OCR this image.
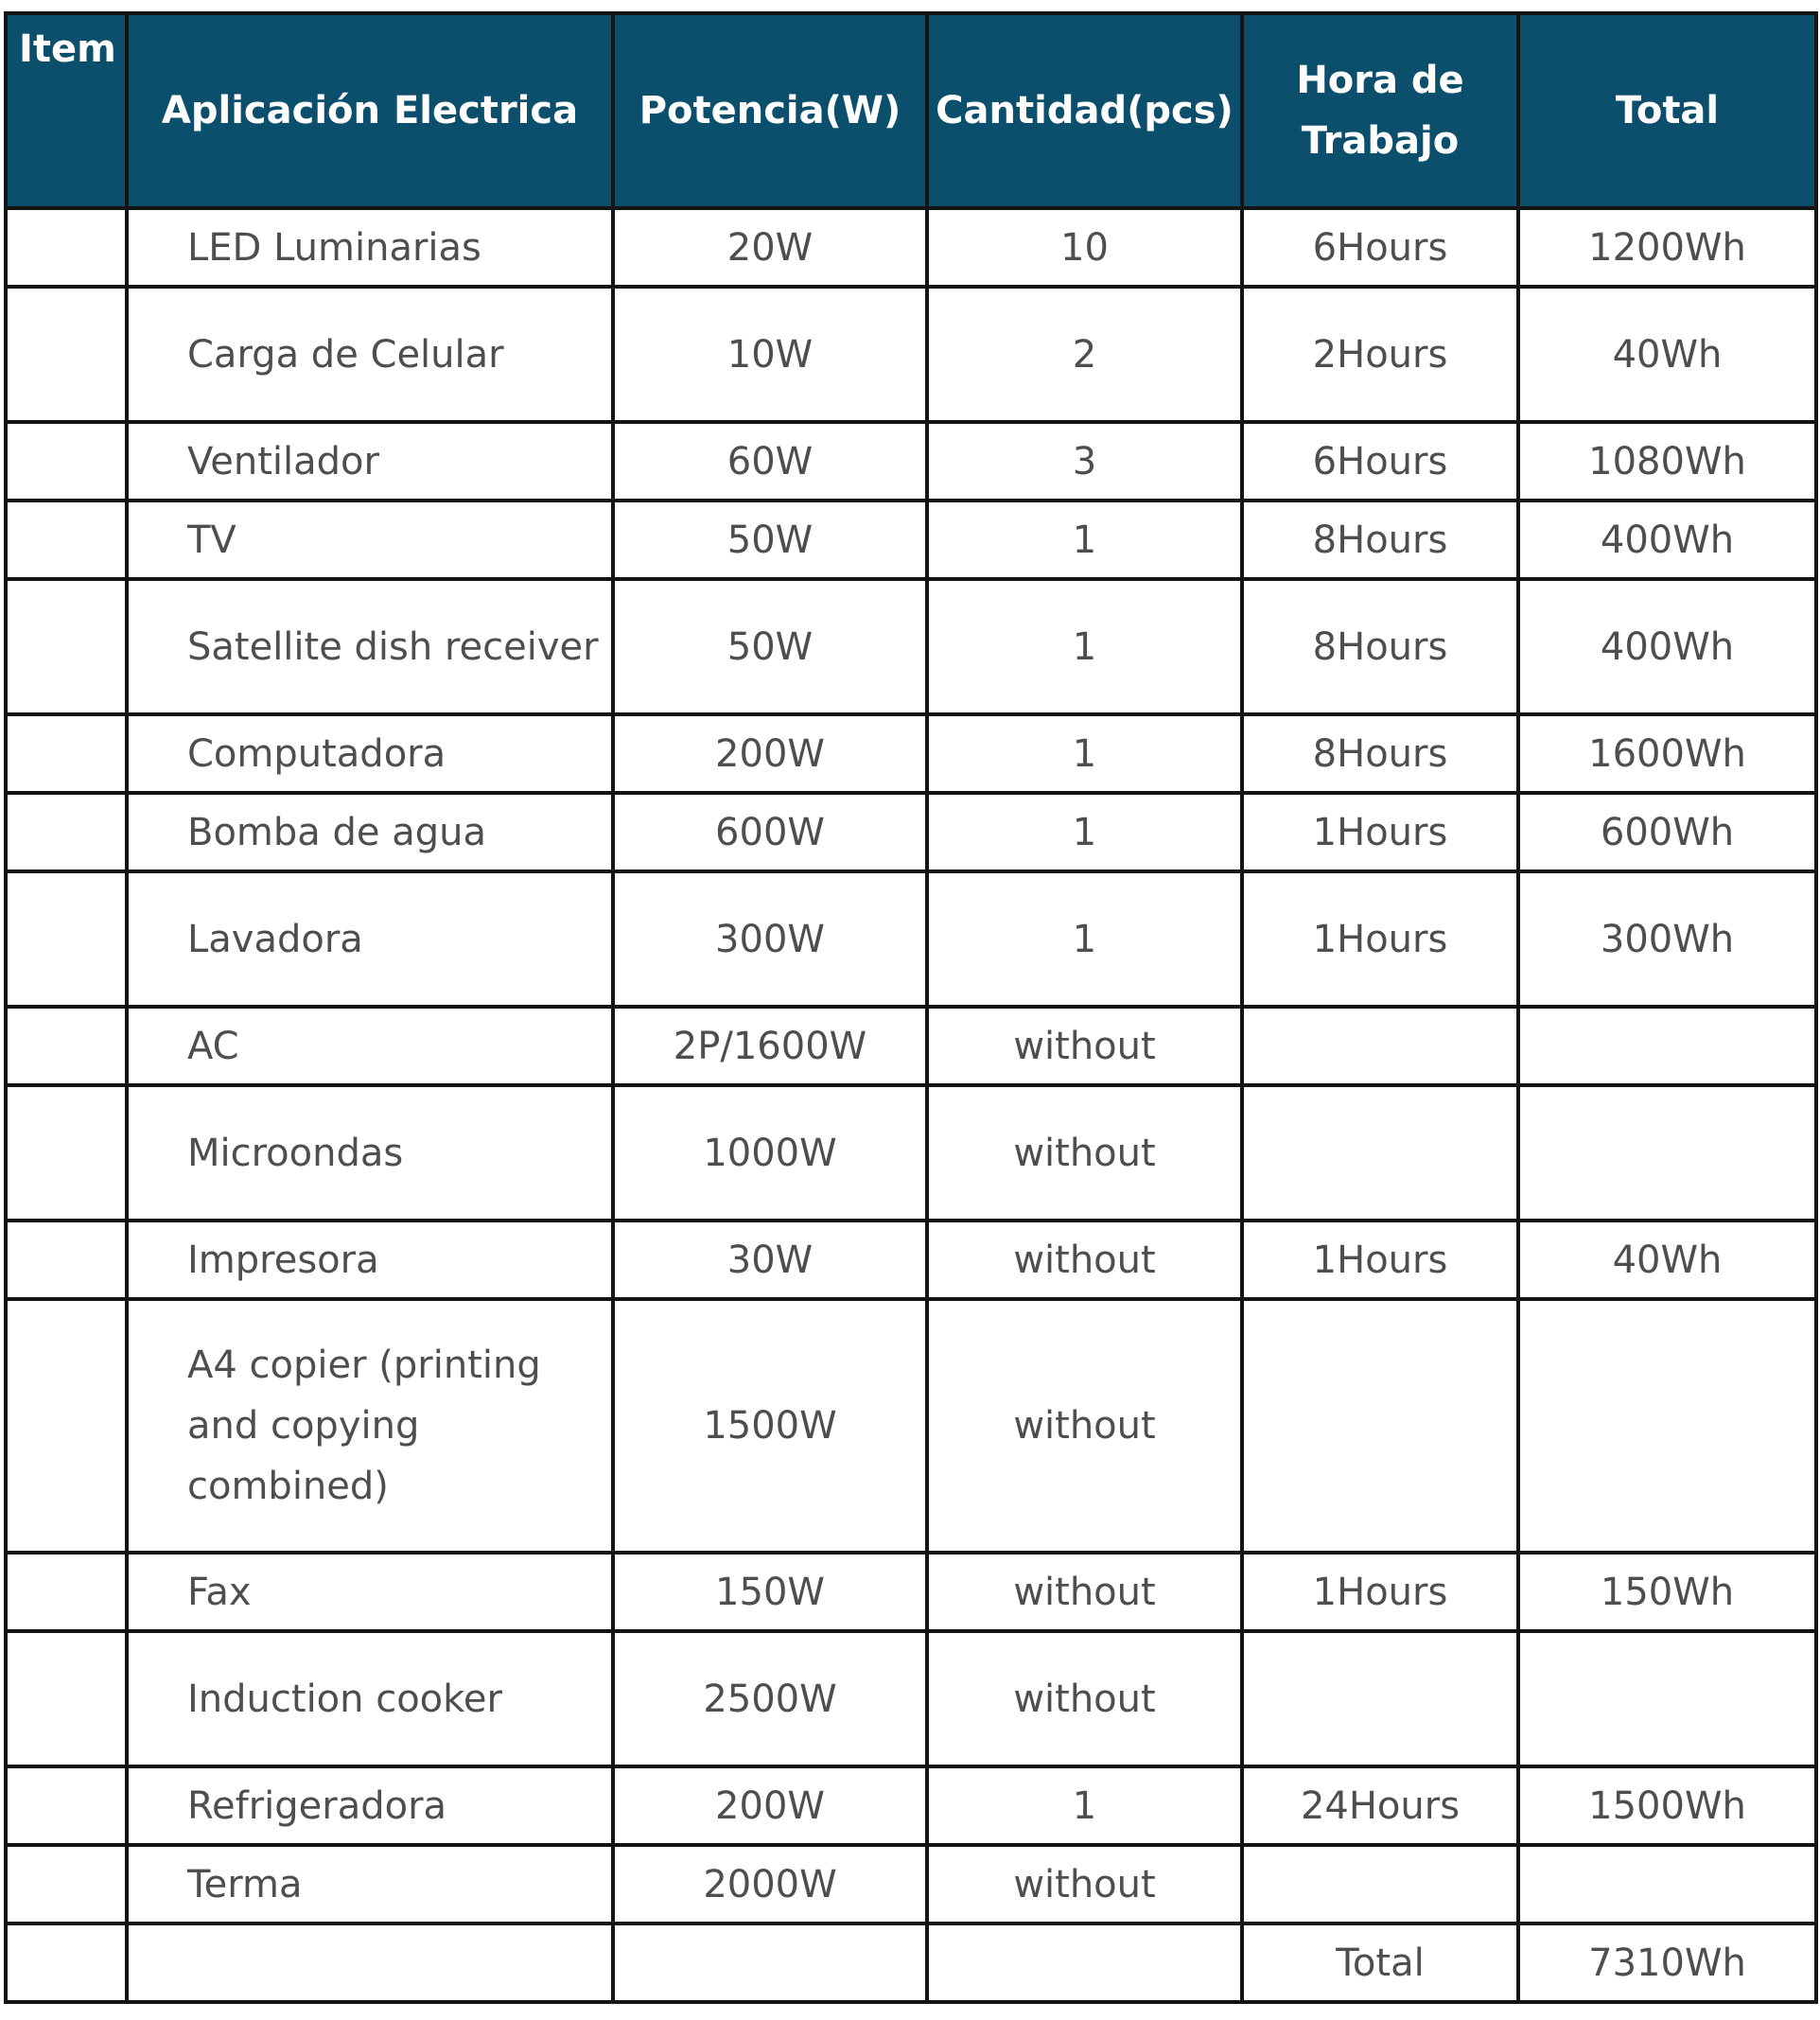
Item	Aplicación Electrica	Potencia(W)	Cantidad(pcs)	Hora de Trabajo	Total
	LED Luminarias	20W	10	6Hours	1200Wh
	Carga de Celular	10W	2	2Hours	40Wh
	Ventilador	60W	3	6Hours	1080Wh
	TV	50W	1	8Hours	400Wh
	Satellite dish receiver	50W	1	8Hours	400Wh
	Computadora	200W	1	8Hours	1600Wh
	Bomba de agua	600W	1	1Hours	600Wh
	Lavadora	300W	1	1Hours	300Wh
	AC	2P/1600W	without		
	Microondas	1000W	without		
	Impresora	30W	without	1Hours	40Wh
	A4 copier (printing and copying combined)	1500W	without		
	Fax	150W	without	1Hours	150Wh
	Induction cooker	2500W	without		
	Refrigeradora	200W	1	24Hours	1500Wh
	Terma	2000W	without		
				Total	7310Wh
